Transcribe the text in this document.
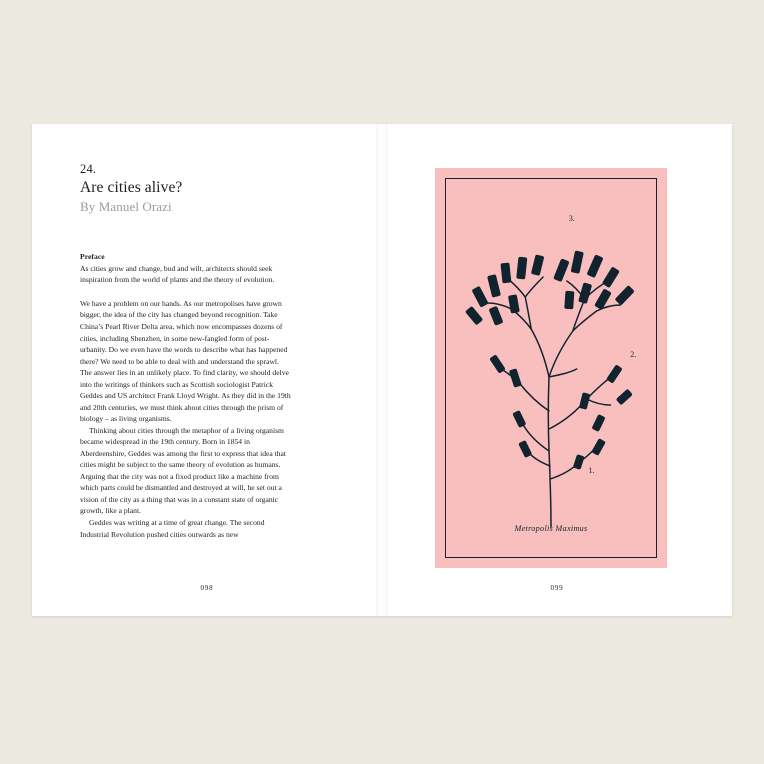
24.

Are cities alive?

By Manuel Orazi

Preface

As cities grow and change, bud and wilt, architects should seek inspiration from the world of plants and the theory of evolution.

We have a problem on our hands. As our metropolises have grown bigger, the idea of the city has changed beyond recognition. Take China’s Pearl River Delta area, which now encompasses dozens of cities, including Shenzhen, in some new-fangled form of post-urbanity. Do we even have the words to describe what has happened there? We need to be able to deal with and understand the sprawl. The answer lies in an unlikely place. To find clarity, we should delve into the writings of thinkers such as Scottish sociologist Patrick Geddes and US architect Frank Lloyd Wright. As they did in the 19th and 20th centuries, we must think about cities through the prism of biology – as living organisms.

Thinking about cities through the metaphor of a living organism became widespread in the 19th century. Born in 1854 in Aberdeenshire, Geddes was among the first to express that idea that cities might be subject to the same theory of evolution as humans. Arguing that the city was not a fixed product like a machine from which parts could be dismantled and destroyed at will, he set out a vision of the city as a thing that was in a constant state of organic growth, like a plant.

Geddes was writing at a time of great change. The second Industrial Revolution pushed cities outwards as new

098
1.
2.
3.
Metropolis Maximus
099
